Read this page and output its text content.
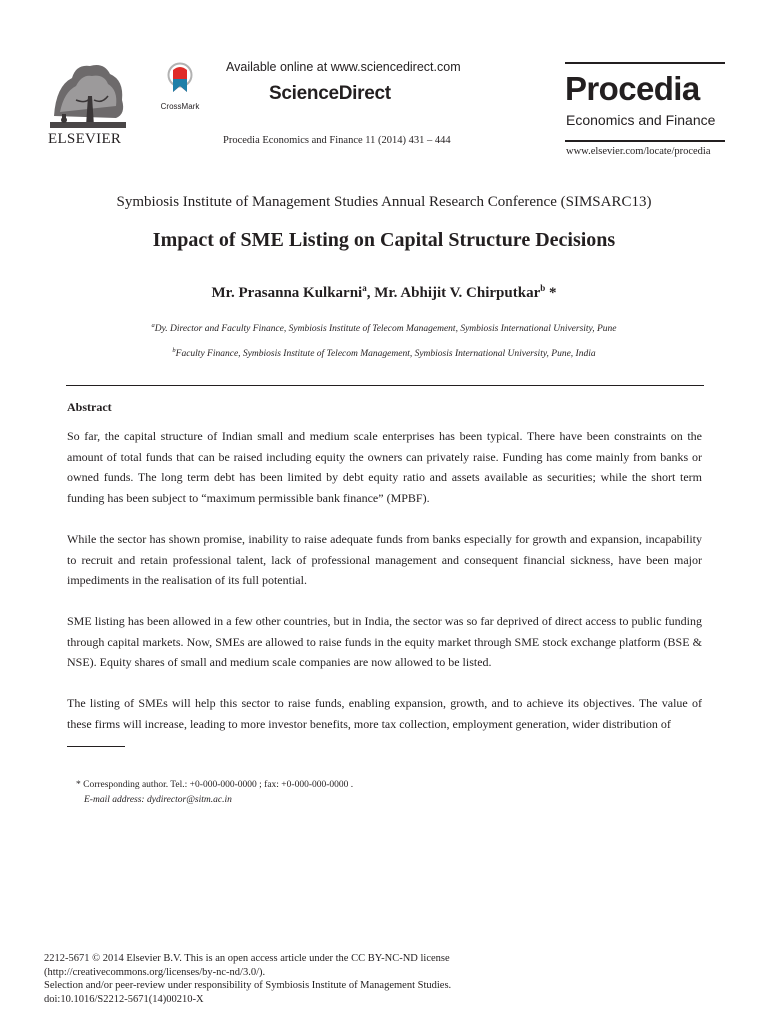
ELSEVIER
CrossMark
Available online at www.sciencedirect.com
ScienceDirect
Procedia Economics and Finance 11 (2014) 431 – 444
Procedia
Economics and Finance
www.elsevier.com/locate/procedia
Symbiosis Institute of Management Studies Annual Research Conference (SIMSARC13)
Impact of SME Listing on Capital Structure Decisions
Mr. Prasanna Kulkarni$^a$, Mr. Abhijit V. Chirputkar$^b$ *
$^a$Dy. Director and Faculty Finance, Symbiosis Institute of Telecom Management, Symbiosis International University, Pune
$^b$Faculty Finance, Symbiosis Institute of Telecom Management, Symbiosis International University, Pune, India
Abstract
So far, the capital structure of Indian small and medium scale enterprises has been typical. There have been constraints on the amount of total funds that can be raised including equity the owners can privately raise. Funding has come mainly from banks or owned funds. The long term debt has been limited by debt equity ratio and assets available as securities; while the short term funding has been subject to “maximum permissible bank finance” (MPBF).
While the sector has shown promise, inability to raise adequate funds from banks especially for growth and expansion, incapability to recruit and retain professional talent, lack of professional management and consequent financial sickness, have been major impediments in the realisation of its full potential.
SME listing has been allowed in a few other countries, but in India, the sector was so far deprived of direct access to public funding through capital markets. Now, SMEs are allowed to raise funds in the equity market through SME stock exchange platform (BSE & NSE). Equity shares of small and medium scale companies are now allowed to be listed.
The listing of SMEs will help this sector to raise funds, enabling expansion, growth, and to achieve its objectives. The value of these firms will increase, leading to more investor benefits, more tax collection, employment generation, wider distribution of
* Corresponding author. Tel.: +0-000-000-0000 ; fax: +0-000-000-0000 .
E-mail address: dydirector@sitm.ac.in
2212-5671 © 2014 Elsevier B.V. This is an open access article under the CC BY-NC-ND license
(http://creativecommons.org/licenses/by-nc-nd/3.0/).
Selection and/or peer-review under responsibility of Symbiosis Institute of Management Studies.
doi:10.1016/S2212-5671(14)00210-X
